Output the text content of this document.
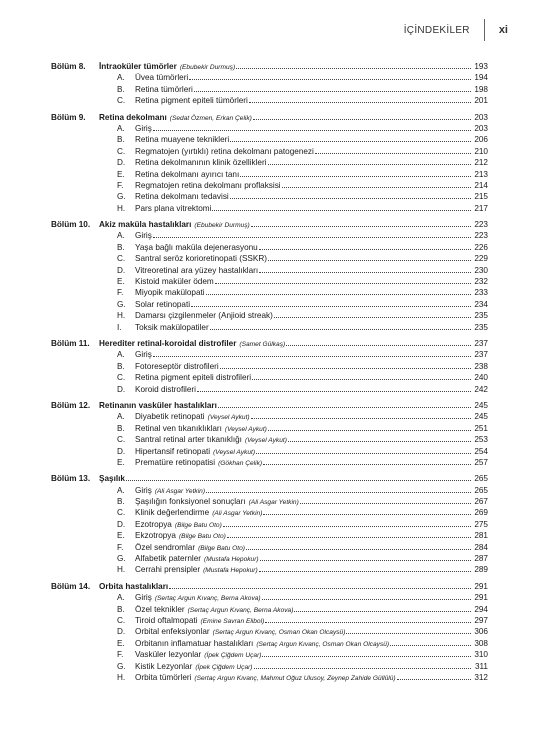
İÇİNDEKİLER	xi
Bölüm 8.	İntraoküler tümörler (Ebubekir Durmuş)	193
A.	Üvea tümörleri	194
B.	Retina tümörleri	198
C.	Retina pigment epiteli tümörleri	201
Bölüm 9.	Retina dekolmanı (Sedat Özmen, Erkan Çelik)	203
A.	Giriş	203
B.	Retina muayene teknikleri	206
C.	Regmatojen (yırtıklı) retina dekolmanı patogenezi	210
D.	Retina dekolmanının klinik özellikleri	212
E.	Retina dekolmanı ayırıcı tanı	213
F.	Regmatojen retina dekolmanı proflaksisi	214
G.	Retina dekolmanı tedavisi	215
H.	Pars plana vitrektomi	217
Bölüm 10.	Akiz maküla hastalıkları (Ebubekir Durmuş)	223
A.	Giriş	223
B.	Yaşa bağlı maküla dejenerasyonu	226
C.	Santral seröz korioretinopati (SSKR)	229
D.	Vitreoretinal ara yüzey hastalıkları	230
E.	Kistoid maküler ödem	232
F.	Miyopik makülopati	233
G.	Solar retinopati	234
H.	Damarsı çizgilenmeler (Anjioid streak)	235
I.	Toksik makülopatiler	235
Bölüm 11.	Herediter retinal-koroidal distrofiler (Samet Gülkaş)	237
A.	Giriş	237
B.	Fotoreseptör distrofileri	238
C.	Retina pigment epiteli distrofileri	240
D.	Koroid distrofileri	242
Bölüm 12.	Retinanın vasküler hastalıkları	245
A.	Diyabetik retinopati (Veysel Aykut)	245
B.	Retinal ven tıkanıklıkları (Veysel Aykut)	251
C.	Santral retinal arter tıkanıklığı (Veysel Aykut)	253
D.	Hipertansif retinopati (Veysel Aykut)	254
E.	Prematüre retinopatisi (Gökhan Çelik)	257
Bölüm 13.	Şaşılık	265
A.	Giriş (Ali Asgar Yetkin)	265
B.	Şaşılığın fonksiyonel sonuçları (Ali Asgar Yetkin)	267
C.	Klinik değerlendirme (Ali Asgar Yetkin)	269
D.	Ezotropya (Bilge Batu Oto)	275
E.	Ekzotropya (Bilge Batu Oto)	281
F.	Özel sendromlar (Bilge Batu Oto)	284
G.	Alfabetik paternler (Mustafa Hepokur)	287
H.	Cerrahi prensipler (Mustafa Hepokur)	289
Bölüm 14.	Orbita hastalıkları	291
A.	Giriş (Sertaç Argun Kıvanç, Berna Akova)	291
B.	Özel teknikler (Sertaç Argun Kıvanç, Berna Akova)	294
C.	Tiroid oftalmopati (Emine Savran Elibol)	297
D.	Orbital enfeksiyonlar (Sertaç Argun Kıvanç, Osman Okan Olcaysü)	306
E.	Orbitanın inflamatuar hastalıkları (Sertaç Argun Kıvanç, Osman Okan Olcaysü)	308
F.	Vasküler lezyonlar (İpek Çiğdem Uçar)	310
G.	Kistik Lezyonlar (İpek Çiğdem Uçar)	311
H.	Orbita tümörleri (Sertaç Argun Kıvanç, Mahmut Oğuz Ulusoy, Zeynep Zahide Güllülü)	312
